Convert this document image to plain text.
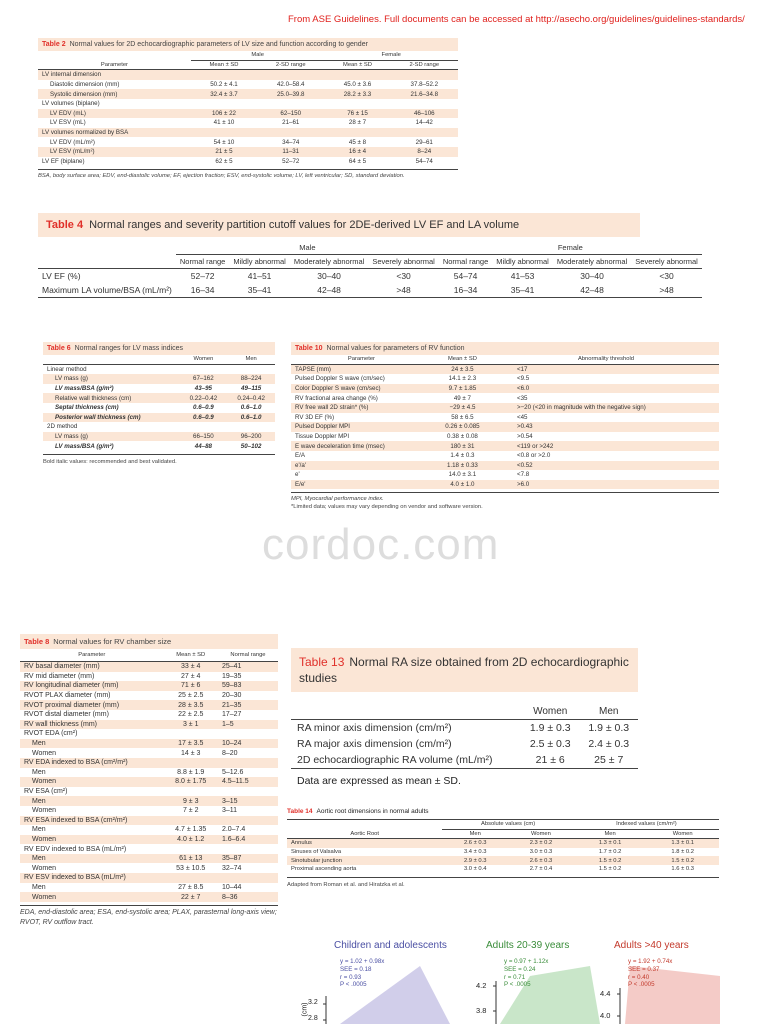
From ASE Guidelines. Full documents can be accessed at http://asecho.org/guidelines/guidelines-standards/
Table 2 Normal values for 2D echocardiographic parameters of LV size and function according to gender
	Male		Female	
Parameter	Mean ± SD	2-SD range	Mean ± SD	2-SD range
LV internal dimension				
Diastolic dimension (mm)	50.2 ± 4.1	42.0–58.4	45.0 ± 3.6	37.8–52.2
Systolic dimension (mm)	32.4 ± 3.7	25.0–39.8	28.2 ± 3.3	21.6–34.8
LV volumes (biplane)				
LV EDV (mL)	106 ± 22	62–150	76 ± 15	46–106
LV ESV (mL)	41 ± 10	21–61	28 ± 7	14–42
LV volumes normalized by BSA				
LV EDV (mL/m²)	54 ± 10	34–74	45 ± 8	29–61
LV ESV (mL/m²)	21 ± 5	11–31	16 ± 4	8–24
LV EF (biplane)	62 ± 5	52–72	64 ± 5	54–74
BSA, body surface area; EDV, end-diastolic volume; EF, ejection fraction; ESV, end-systolic volume; LV, left ventricular; SD, standard deviation.
Table 4 Normal ranges and severity partition cutoff values for 2DE-derived LV EF and LA volume
	Male				Female			
	Normal range	Mildly abnormal	Moderately abnormal	Severely abnormal	Normal range	Mildly abnormal	Moderately abnormal	Severely abnormal
LV EF (%)	52–72	41–51	30–40	<30	54–74	41–53	30–40	<30
Maximum LA volume/BSA (mL/m²)	16–34	35–41	42–48	>48	16–34	35–41	42–48	>48
Table 6 Normal ranges for LV mass indices
	Women	Men
Linear method		
LV mass (g)	67–162	88–224
LV mass/BSA (g/m²)	43–95	49–115
Relative wall thickness (cm)	0.22–0.42	0.24–0.42
Septal thickness (cm)	0.6–0.9	0.6–1.0
Posterior wall thickness (cm)	0.6–0.9	0.6–1.0
2D method		
LV mass (g)	66–150	96–200
LV mass/BSA (g/m²)	44–88	50–102
Bold italic values: recommended and best validated.
Table 10 Normal values for parameters of RV function
Parameter	Mean ± SD	Abnormality threshold
TAPSE (mm)	24 ± 3.5	<17
Pulsed Doppler S wave (cm/sec)	14.1 ± 2.3	<9.5
Color Doppler S wave (cm/sec)	9.7 ± 1.85	<6.0
RV fractional area change (%)	49 ± 7	<35
RV free wall 2D strain* (%)	−29 ± 4.5	>−20 (<20 in magnitude with the negative sign)
RV 3D EF (%)	58 ± 6.5	<45
Pulsed Doppler MPI	0.26 ± 0.085	>0.43
Tissue Doppler MPI	0.38 ± 0.08	>0.54
E wave deceleration time (msec)	180 ± 31	<119 or >242
E/A	1.4 ± 0.3	<0.8 or >2.0
e'/a'	1.18 ± 0.33	<0.52
e'	14.0 ± 3.1	<7.8
E/e'	4.0 ± 1.0	>6.0
MPI, Myocardial performance index.
*Limited data; values may vary depending on vendor and software version.
cordoc.com
Table 8 Normal values for RV chamber size
Parameter	Mean ± SD	Normal range
RV basal diameter (mm)	33 ± 4	25–41
RV mid diameter (mm)	27 ± 4	19–35
RV longitudinal diameter (mm)	71 ± 6	59–83
RVOT PLAX diameter (mm)	25 ± 2.5	20–30
RVOT proximal diameter (mm)	28 ± 3.5	21–35
RVOT distal diameter (mm)	22 ± 2.5	17–27
RV wall thickness (mm)	3 ± 1	1–5
RVOT EDA (cm²)		
Men	17 ± 3.5	10–24
Women	14 ± 3	8–20
RV EDA indexed to BSA (cm²/m²)		
Men	8.8 ± 1.9	5–12.6
Women	8.0 ± 1.75	4.5–11.5
RV ESA (cm²)		
Men	9 ± 3	3–15
Women	7 ± 2	3–11
RV ESA indexed to BSA (cm²/m²)		
Men	4.7 ± 1.35	2.0–7.4
Women	4.0 ± 1.2	1.6–6.4
RV EDV indexed to BSA (mL/m²)		
Men	61 ± 13	35–87
Women	53 ± 10.5	32–74
RV ESV indexed to BSA (mL/m²)		
Men	27 ± 8.5	10–44
Women	22 ± 7	8–36
EDA, end-diastolic area; ESA, end-systolic area; PLAX, parasternal long-axis view; RVOT, RV outflow tract.
Table 13 Normal RA size obtained from 2D echocardiographic studies
	Women	Men
RA minor axis dimension (cm/m²)	1.9 ± 0.3	1.9 ± 0.3
RA major axis dimension (cm/m²)	2.5 ± 0.3	2.4 ± 0.3
2D echocardiographic RA volume (mL/m²)	21 ± 6	25 ± 7
Data are expressed as mean ± SD.
Table 14 Aortic root dimensions in normal adults
	Absolute values (cm)		Indexed values (cm/m²)	
Aortic Root	Men	Women	Men	Women
Annulus	2.6 ± 0.3	2.3 ± 0.2	1.3 ± 0.1	1.3 ± 0.1
Sinuses of Valsalva	3.4 ± 0.3	3.0 ± 0.3	1.7 ± 0.2	1.8 ± 0.2
Sinotubular junction	2.9 ± 0.3	2.6 ± 0.3	1.5 ± 0.2	1.5 ± 0.2
Proximal ascending aorta	3.0 ± 0.4	2.7 ± 0.4	1.5 ± 0.2	1.6 ± 0.3
Adapted from Roman et al. and Hiratzka et al.
Children and adolescents	Adults 20-39 years	Adults >40 years
(cm) 3.2
2.8
4.2
3.8
4.4
4.0
y = 1.02 + 0.98x
SEE = 0.18
r = 0.93
P < .0005
y = 0.97 + 1.12x
SEE = 0.24
r = 0.71
P < .0005
y = 1.92 + 0.74x
SEE = 0.37
r = 0.40
P < .0005
